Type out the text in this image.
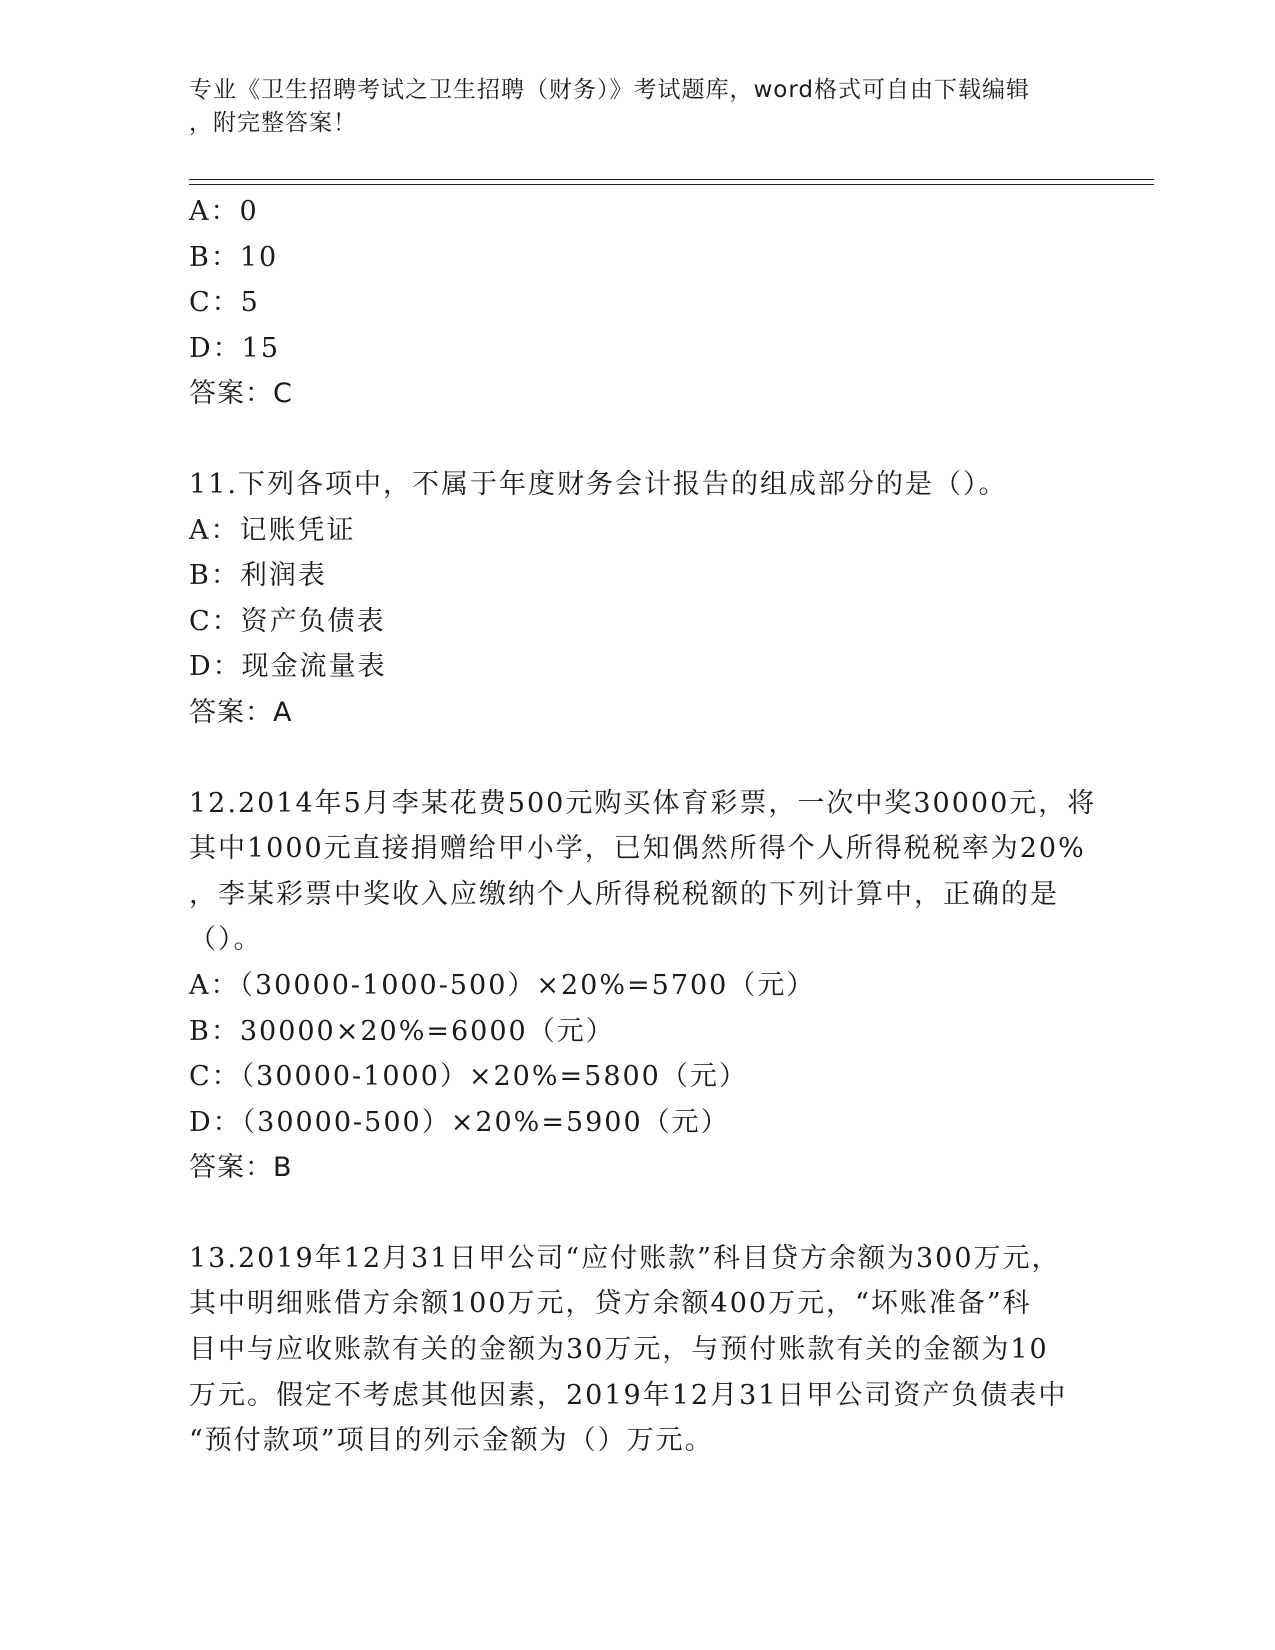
专业《卫生招聘考试之卫生招聘（财务）》考试题库，word格式可自由下载编辑
，附完整答案！
A：0
B：10
C：5
D：15
答案：C
11.下列各项中，不属于年度财务会计报告的组成部分的是（）。
A：记账凭证
B：利润表
C：资产负债表
D：现金流量表
答案：A
12.2014年5月李某花费500元购买体育彩票，一次中奖30000元，将
其中1000元直接捐赠给甲小学，已知偶然所得个人所得税税率为20%
，李某彩票中奖收入应缴纳个人所得税税额的下列计算中，正确的是
（）。
A：（30000-1000-500）×20%=5700（元）
B：30000×20%=6000（元）
C：（30000-1000）×20%=5800（元）
D：（30000-500）×20%=5900（元）
答案：B
13.2019年12月31日甲公司“应付账款”科目贷方余额为300万元，
其中明细账借方余额100万元，贷方余额400万元，“坏账准备”科
目中与应收账款有关的金额为30万元，与预付账款有关的金额为10
万元。假定不考虑其他因素，2019年12月31日甲公司资产负债表中
“预付款项”项目的列示金额为（）万元。
